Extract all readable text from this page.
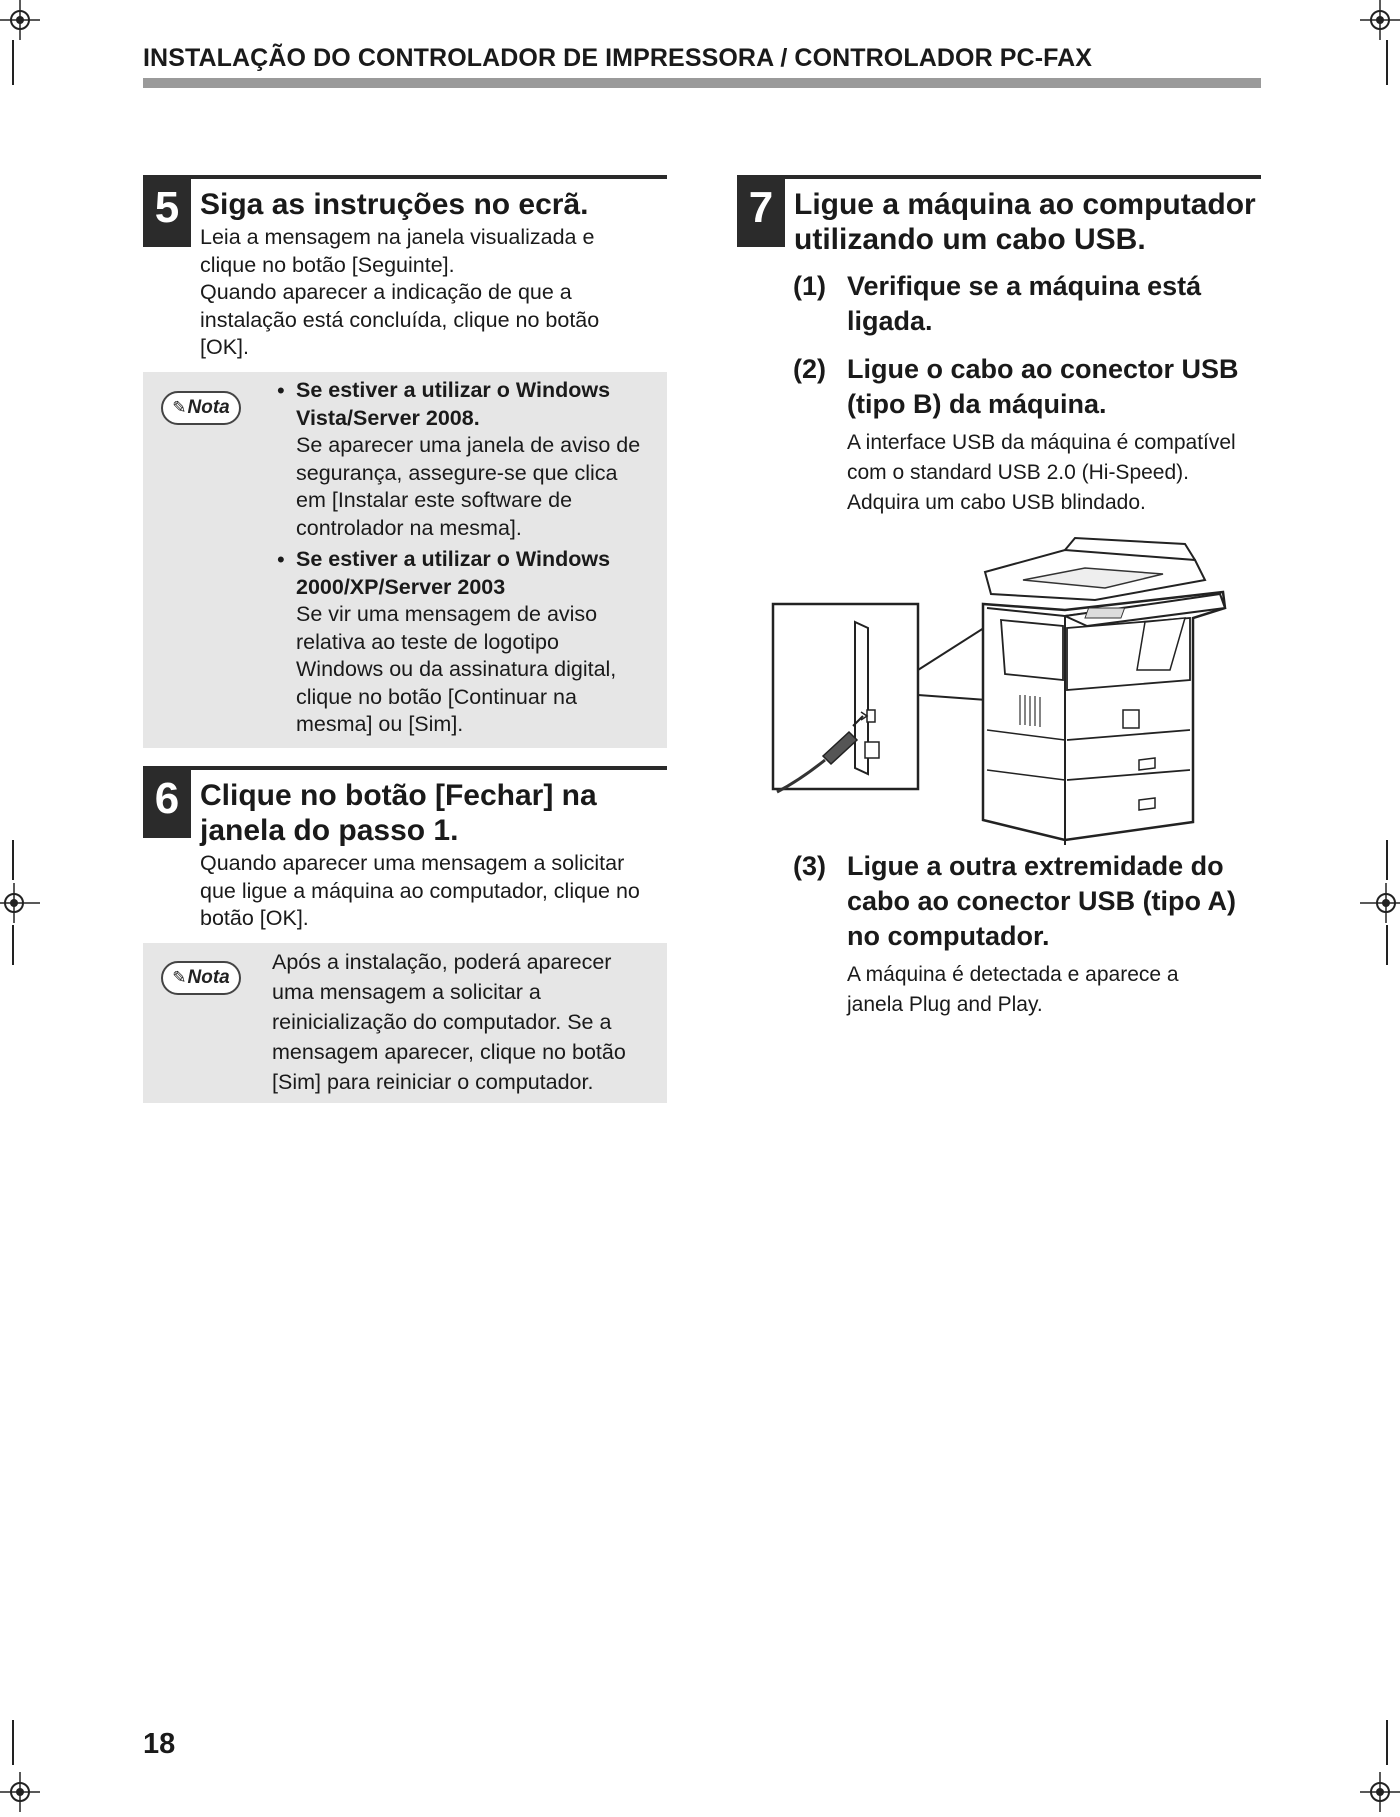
INSTALAÇÃO DO CONTROLADOR DE IMPRESSORA / CONTROLADOR PC-FAX
5 Siga as instruções no ecrã.
Leia a mensagem na janela visualizada e
clique no botão [Seguinte].
Quando aparecer a indicação de que a
instalação está concluída, clique no botão
[OK].
✎Nota
• Se estiver a utilizar o Windows
Vista/Server 2008.
Se aparecer uma janela de aviso de
segurança, assegure-se que clica
em [Instalar este software de
controlador na mesma].
• Se estiver a utilizar o Windows
2000/XP/Server 2003
Se vir uma mensagem de aviso
relativa ao teste de logotipo
Windows ou da assinatura digital,
clique no botão [Continuar na
mesma] ou [Sim].
6 Clique no botão [Fechar] na
janela do passo 1.
Quando aparecer uma mensagem a solicitar
que ligue a máquina ao computador, clique no
botão [OK].
✎Nota
Após a instalação, poderá aparecer
uma mensagem a solicitar a
reinicialização do computador. Se a
mensagem aparecer, clique no botão
[Sim] para reiniciar o computador.
7 Ligue a máquina ao computador
utilizando um cabo USB.
(1) Verifique se a máquina está
ligada.
(2) Ligue o cabo ao conector USB
(tipo B) da máquina.
A interface USB da máquina é compatível
com o standard USB 2.0 (Hi-Speed).
Adquira um cabo USB blindado.
(3) Ligue a outra extremidade do
cabo ao conector USB (tipo A)
no computador.
A máquina é detectada e aparece a
janela Plug and Play.
18
